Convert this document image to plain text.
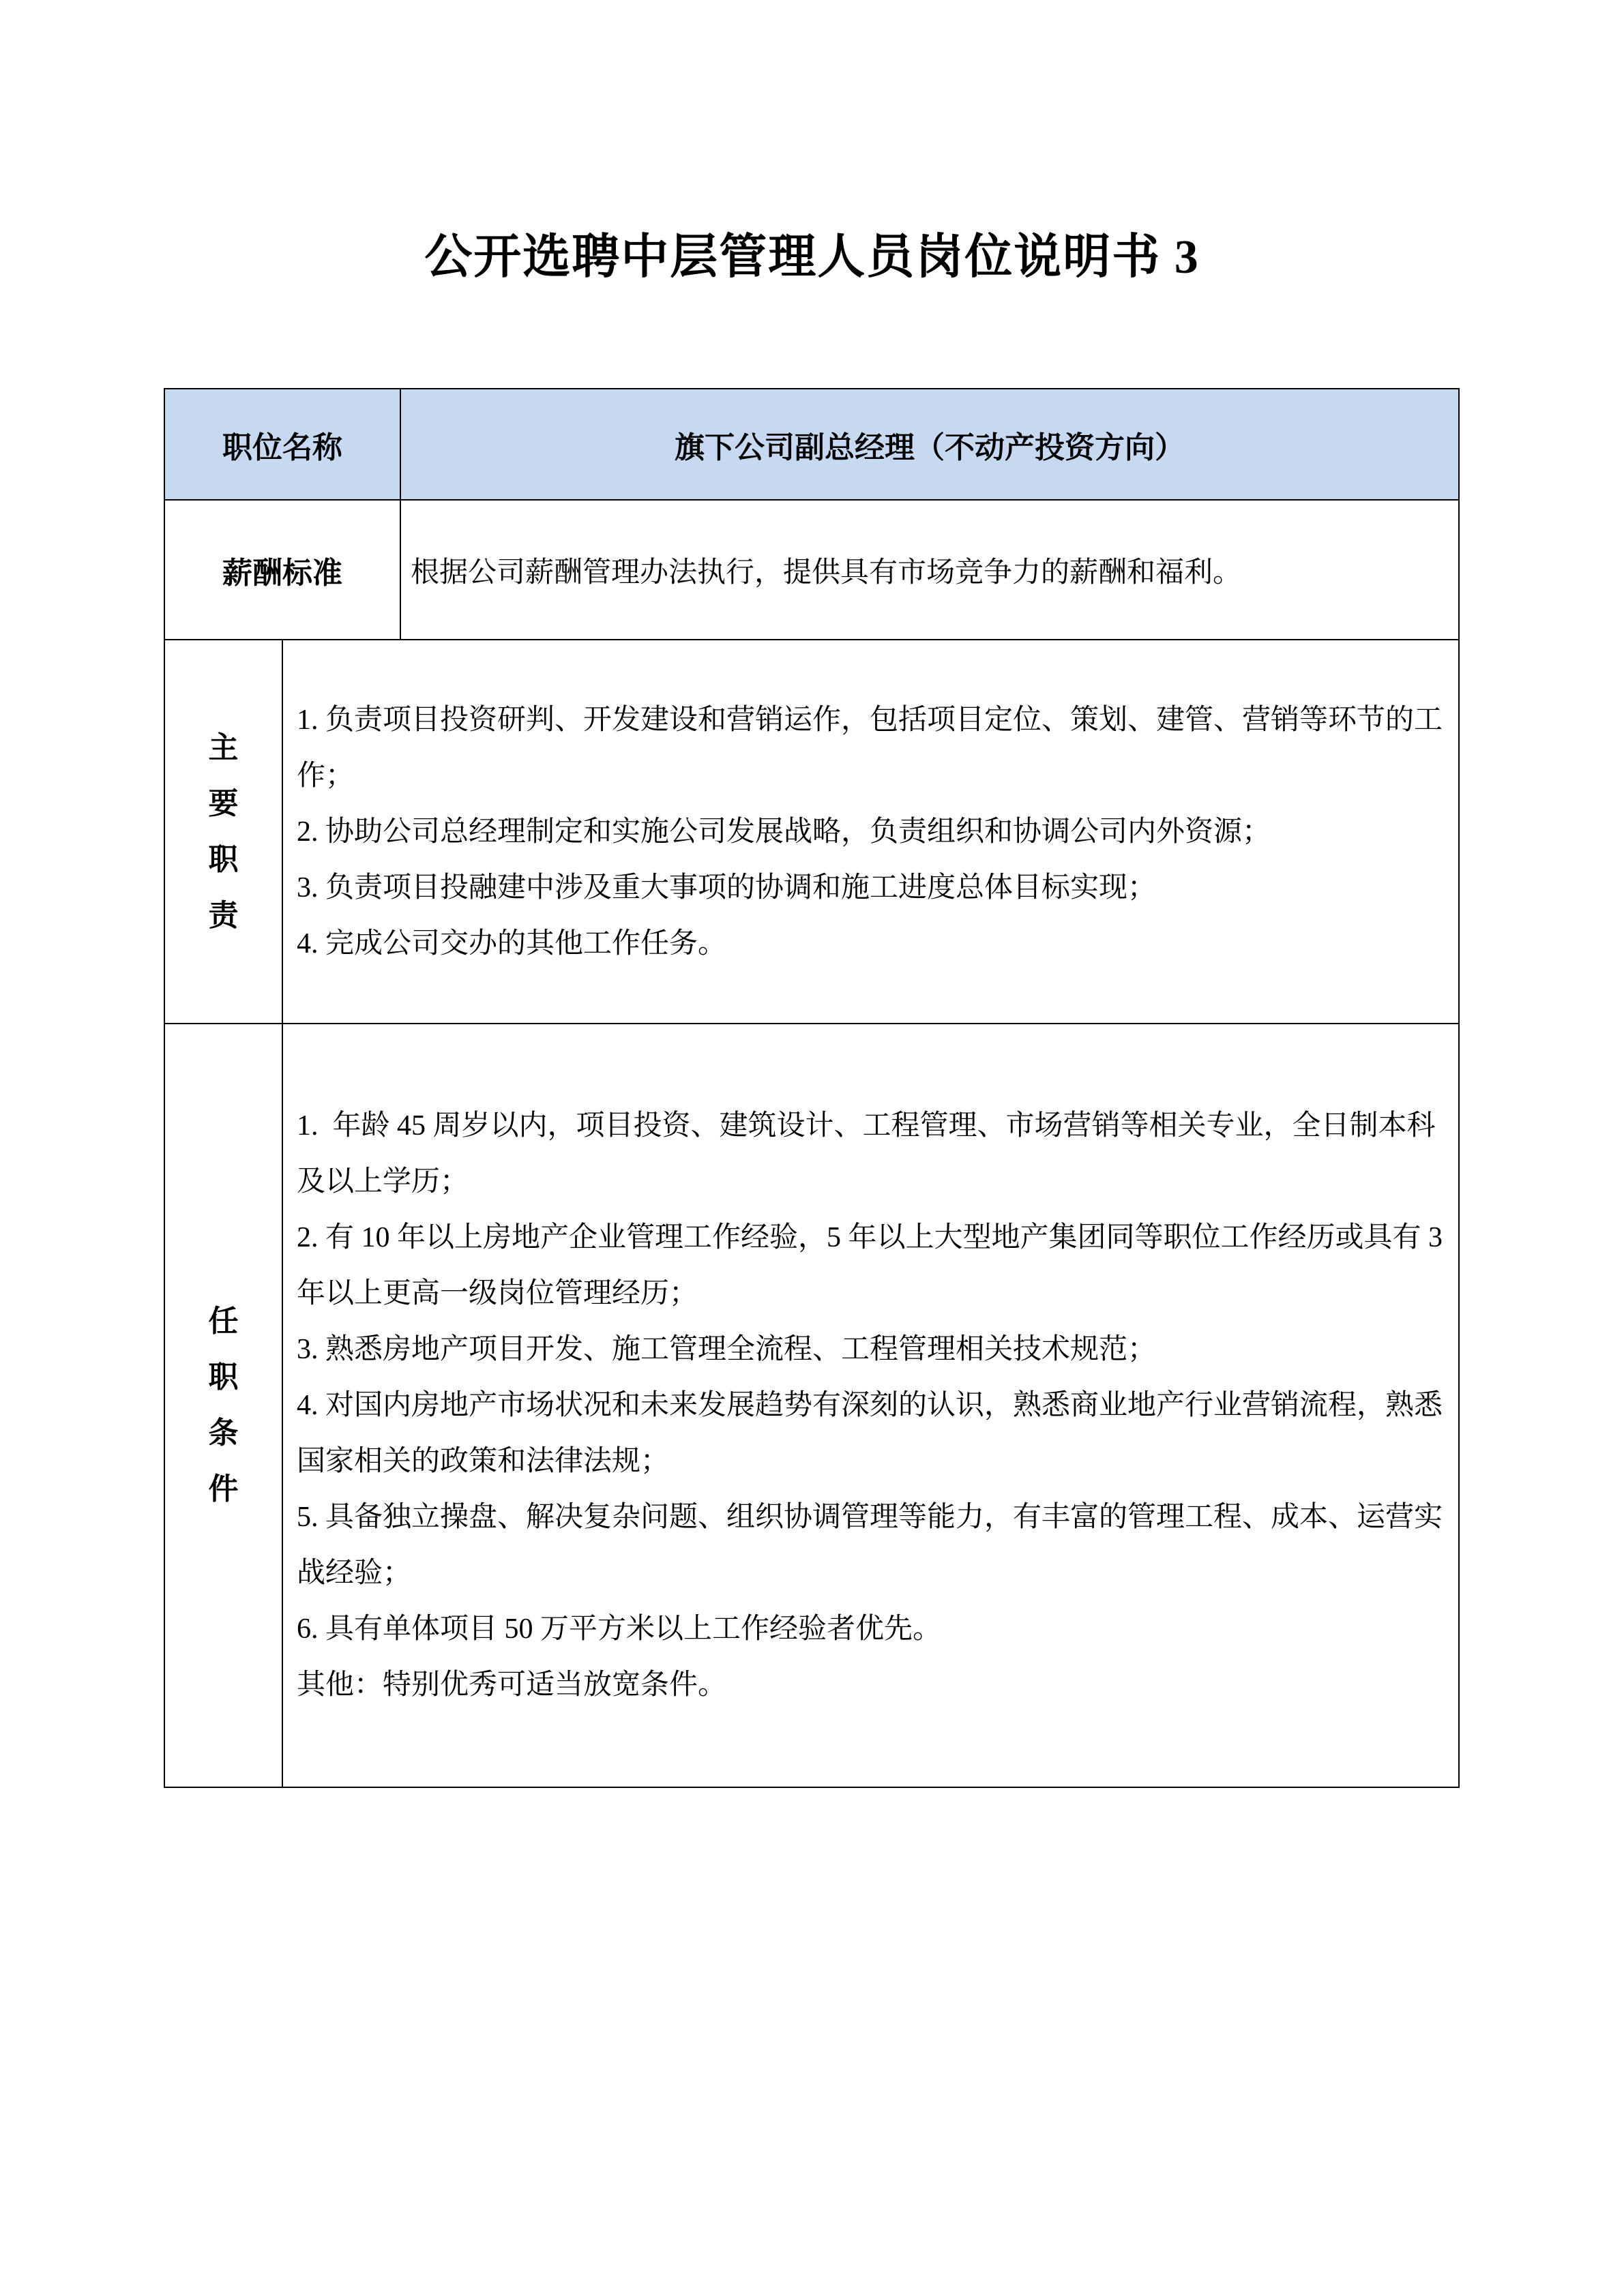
公开选聘中层管理人员岗位说明书 3
职位名称	旗下公司副总经理（不动产投资方向）
薪酬标准	根据公司薪酬管理办法执行，提供具有市场竞争力的薪酬和福利。
主要职责
1. 负责项目投资研判、开发建设和营销运作，包括项目定位、策划、建管、营销等环节的工作；
2. 协助公司总经理制定和实施公司发展战略，负责组织和协调公司内外资源；
3. 负责项目投融建中涉及重大事项的协调和施工进度总体目标实现；
4. 完成公司交办的其他工作任务。
任职条件
1.  年龄 45 周岁以内，项目投资、建筑设计、工程管理、市场营销等相关专业，全日制本科及以上学历；
2. 有 10 年以上房地产企业管理工作经验，5 年以上大型地产集团同等职位工作经历或具有 3 年以上更高一级岗位管理经历；
3. 熟悉房地产项目开发、施工管理全流程、工程管理相关技术规范；
4. 对国内房地产市场状况和未来发展趋势有深刻的认识，熟悉商业地产行业营销流程，熟悉国家相关的政策和法律法规；
5. 具备独立操盘、解决复杂问题、组织协调管理等能力，有丰富的管理工程、成本、运营实战经验；
6. 具有单体项目 50 万平方米以上工作经验者优先。
其他：特别优秀可适当放宽条件。
